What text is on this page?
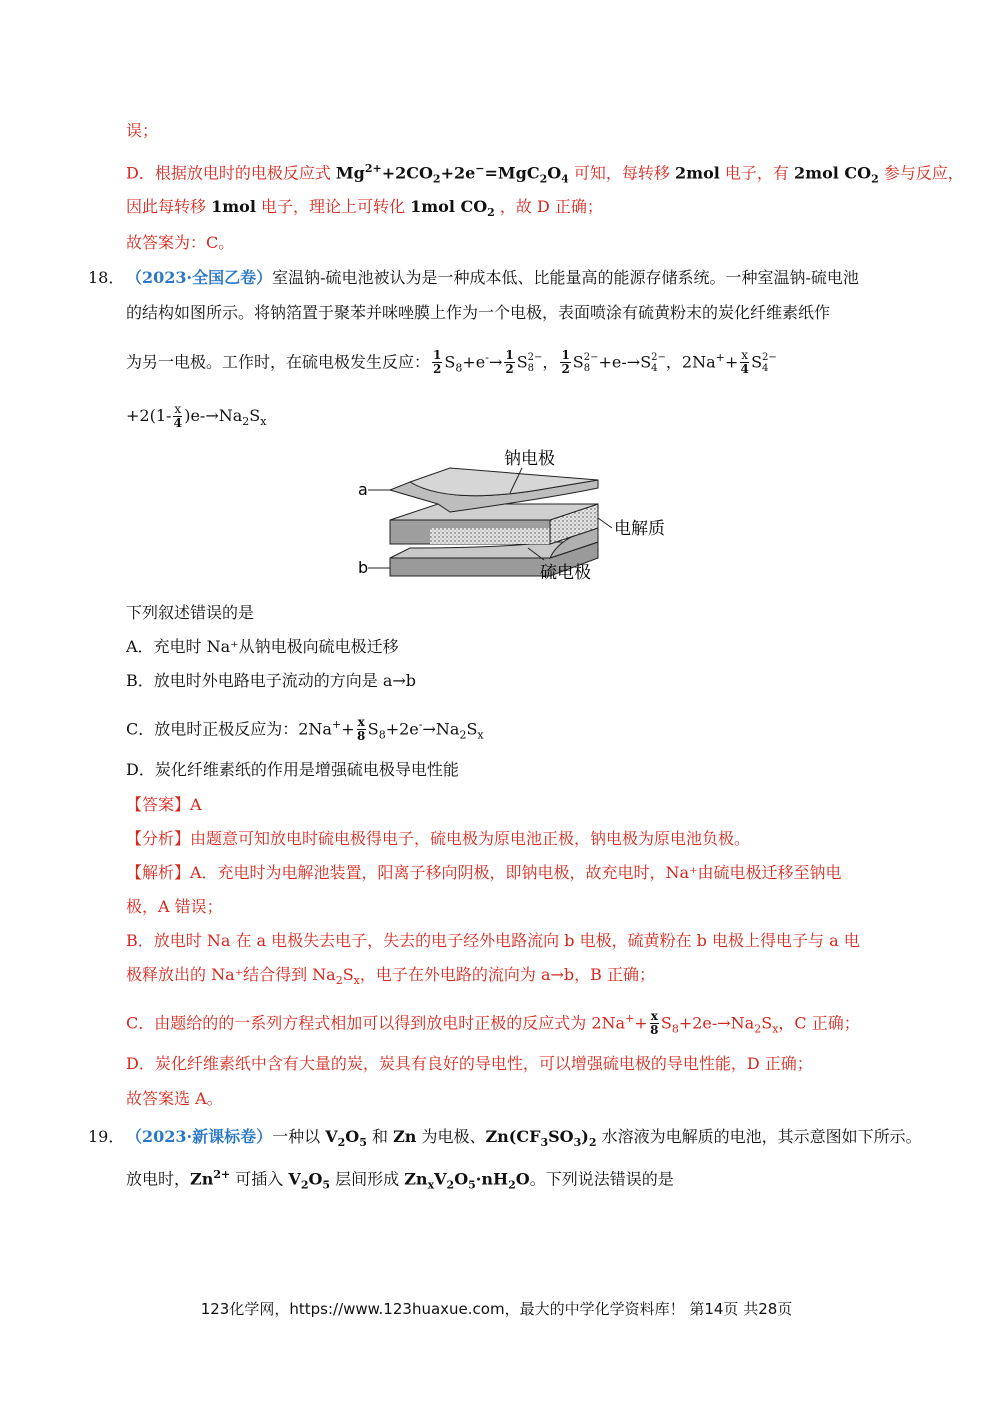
误；
D．根据放电时的电极反应式 $Mg^{2+}+2CO_2+2e^-=MgC_2O_4$ 可知，每转移 2mol 电子，有 2mol $CO_2$ 参与反应，
因此每转移 1mol 电子，理论上可转化 1mol $CO_2$ ，故 D 正确；
故答案为：C。
18． （2023·全国乙卷）室温钠-硫电池被认为是一种成本低、比能量高的能源存储系统。一种室温钠-硫电池
的结构如图所示。将钠箔置于聚苯并咪唑膜上作为一个电极，表面喷涂有硫黄粉末的炭化纤维素纸作
为另一电极。工作时，在硫电极发生反应： $\frac{1}{2} S_8+e^-\to \frac{1}{2}$ S 2−
8 ， $\frac{1}{2}$ S 2−
8 +e-→S 2−
4 ，$2Na^++ \frac{x}{4}$ S 2−
4
$+2(1- \frac{x}{4} )e-\to Na_2S_x$
a
b
钠电极
电解质
硫电极
下列叙述错误的是
A．充电时 Na⁺从钠电极向硫电极迁移
B．放电时外电路电子流动的方向是 a→b
C．放电时正极反应为：$2Na^++ \frac{x}{8} S_8+2e^-\to Na_2S_x$
D．炭化纤维素纸的作用是增强硫电极导电性能
【答案】A
【分析】由题意可知放电时硫电极得电子，硫电极为原电池正极，钠电极为原电池负极。
【解析】A．充电时为电解池装置，阳离子移向阴极，即钠电极，故充电时，Na⁺由硫电极迁移至钠电
极，A 错误；
B．放电时 Na 在 a 电极失去电子，失去的电子经外电路流向 b 电极，硫黄粉在 b 电极上得电子与 a 电
极释放出的 Na⁺结合得到 $Na_2S_x$，电子在外电路的流向为 a→b，B 正确；
C．由题给的的一系列方程式相加可以得到放电时正极的反应式为 $2Na^++ \frac{x}{8} S_8+2e-\to Na_2S_x$，C 正确；
D．炭化纤维素纸中含有大量的炭，炭具有良好的导电性，可以增强硫电极的导电性能，D 正确；
故答案选 A。
19． （2023·新课标卷）一种以 $V_2O_5$ 和 Zn 为电极、$Zn(CF_3SO_3)_2$ 水溶液为电解质的电池，其示意图如下所示。
放电时，$Zn^{2+}$ 可插入 $V_2O_5$ 层间形成 $Zn_xV_2O_5\cdot nH_2O$。下列说法错误的是
123化学网，https://www.123huaxue.com，最大的中学化学资料库！ 第14页 共28页
